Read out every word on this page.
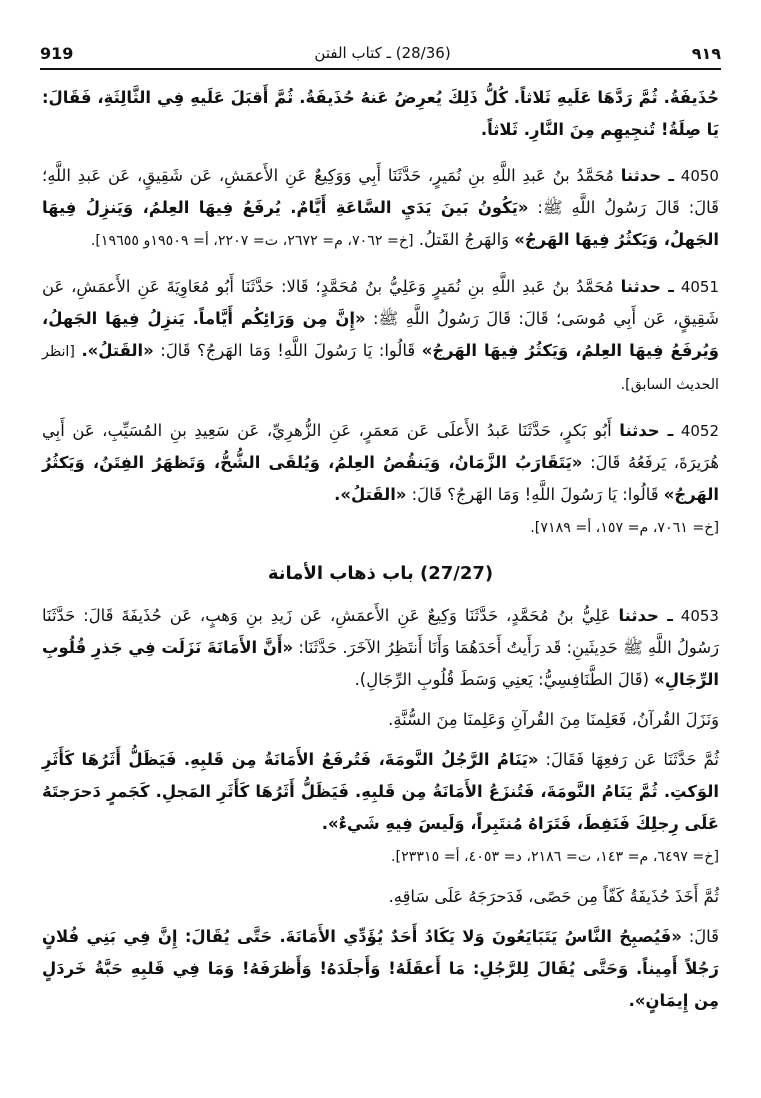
919	(28/36) ـ كتاب الفتن	٩١٩

حُذَيفَةُ. ثُمَّ رَدَّهَا عَلَيهِ ثَلاثاً. كُلُّ ذَلِكَ يُعرِضُ عَنهُ حُذَيفَةُ. ثُمَّ أَقبَلَ عَلَيهِ فِي الثَّالِثَةِ، فَقَالَ: يَا صِلَةُ! تُنجِيهِم مِنَ النَّارِ. ثَلاثاً.

4050 ـ حدثنا مُحَمَّدُ بنُ عَبدِ اللَّهِ بنِ نُمَيرٍ، حَدَّثَنَا أَبِي وَوَكِيعٌ عَنِ الأَعمَشِ، عَن شَقِيقٍ، عَن عَبدِ اللَّهِ؛ قَالَ: قَالَ رَسُولُ اللَّهِ ﷺ: «يَكُونُ بَينَ يَدَيِ السَّاعَةِ أَيَّامٌ. يُرفَعُ فِيهَا العِلمُ، وَيَنزِلُ فِيهَا الجَهلُ، وَيَكثُرُ فِيهَا الهَرجُ» وَالهَرجُ القَتلُ. [خ= ٧٠٦٢، م= ٢٦٧٢، ت= ٢٢٠٧، أ= ١٩٥٠٩و ١٩٦٥٥].

4051 ـ حدثنا مُحَمَّدُ بنُ عَبدِ اللَّهِ بنِ نُمَيرٍ وَعَلِيُّ بنُ مُحَمَّدٍ؛ قَالا: حَدَّثَنَا أَبُو مُعَاوِيَةَ عَنِ الأَعمَشِ، عَن شَقِيقٍ، عَن أَبِي مُوسَى؛ قَالَ: قَالَ رَسُولُ اللَّهِ ﷺ: «إِنَّ مِن وَرَائِكُم أَيَّاماً. يَنزِلُ فِيهَا الجَهلُ، وَيُرفَعُ فِيهَا العِلمُ، وَيَكثُرُ فِيهَا الهَرجُ» قَالُوا: يَا رَسُولَ اللَّهِ! وَمَا الهَرجُ؟ قَالَ: «القَتلُ». [انظر الحديث السابق].

4052 ـ حدثنا أَبُو بَكرٍ، حَدَّثَنَا عَبدُ الأَعلَى عَن مَعمَرٍ، عَنِ الزُّهرِيِّ، عَن سَعِيدِ بنِ المُسَيِّبِ، عَن أَبِي هُرَيرَةَ، يَرفَعُهُ قَالَ: «يَتَقَارَبُ الزَّمَانُ، وَيَنقُصُ العِلمُ، وَيُلقَى الشُّحُّ، وَتَظهَرُ الفِتَنُ، وَيَكثُرُ الهَرجُ» قَالُوا: يَا رَسُولَ اللَّهِ! وَمَا الهَرجُ؟ قَالَ: «القَتلُ».
[خ= ٧٠٦١، م= ١٥٧، أ= ٧١٨٩].

(27/27) باب ذهاب الأمانة

4053 ـ حدثنا عَلِيُّ بنُ مُحَمَّدٍ، حَدَّثَنَا وَكِيعٌ عَنِ الأَعمَشِ، عَن زَيدِ بنِ وَهبٍ، عَن حُذَيفَةَ قَالَ: حَدَّثَنَا رَسُولُ اللَّهِ ﷺ حَدِيثَينِ: قَد رَأَيتُ أَحَدَهُمَا وَأَنَا أَنتَظِرُ الآخَرَ. حَدَّثَنَا: «أَنَّ الأَمَانَةَ نَزَلَت فِي جَذرِ قُلُوبِ الرِّجَالِ» (قَالَ الطَّنَافِسِيُّ: يَعنِي وَسَطَ قُلُوبِ الرِّجَالِ).

وَنَزَلَ القُرآنُ، فَعَلِمنَا مِنَ القُرآنِ وَعَلِمنَا مِنَ السُّنَّةِ.

ثُمَّ حَدَّثَنَا عَن رَفعِهَا فَقَالَ: «يَنَامُ الرَّجُلُ النَّومَةَ، فَتُرفَعُ الأَمَانَةُ مِن قَلبِهِ. فَيَظَلُّ أَثَرُهَا كَأَثَرِ الوَكتِ. ثُمَّ يَنَامُ النَّومَةَ، فَتُنزَعُ الأَمَانَةُ مِن قَلبِهِ. فَيَظَلُّ أَثَرُهَا كَأَثَرِ المَجلِ. كَجَمرٍ دَحرَجتَهُ عَلَى رِجلِكَ فَنَفِطَ، فَتَرَاهُ مُنتَبِراً، وَلَيسَ فِيهِ شَيءٌ».
[خ= ٦٤٩٧، م= ١٤٣، ت= ٢١٨٦، د= ٤٠٥٣، أ= ٢٣٣١٥].

ثُمَّ أَخَذَ حُذَيفَةُ كَفّاً مِن حَصًى، فَدَحرَجَهُ عَلَى سَاقِهِ.

قَالَ: «فَيُصبِحُ النَّاسُ يَتَبَايَعُونَ وَلا يَكَادُ أَحَدٌ يُؤَدِّي الأَمَانَةَ. حَتَّى يُقَالَ: إِنَّ فِي بَنِي فُلانٍ رَجُلاً أَمِيناً. وَحَتَّى يُقَالَ لِلرَّجُلِ: مَا أَعقَلَهُ! وَأَجلَدَهُ! وَأَظرَفَهُ! وَمَا فِي قَلبِهِ حَبَّةُ خَردَلٍ مِن إِيمَانٍ».
